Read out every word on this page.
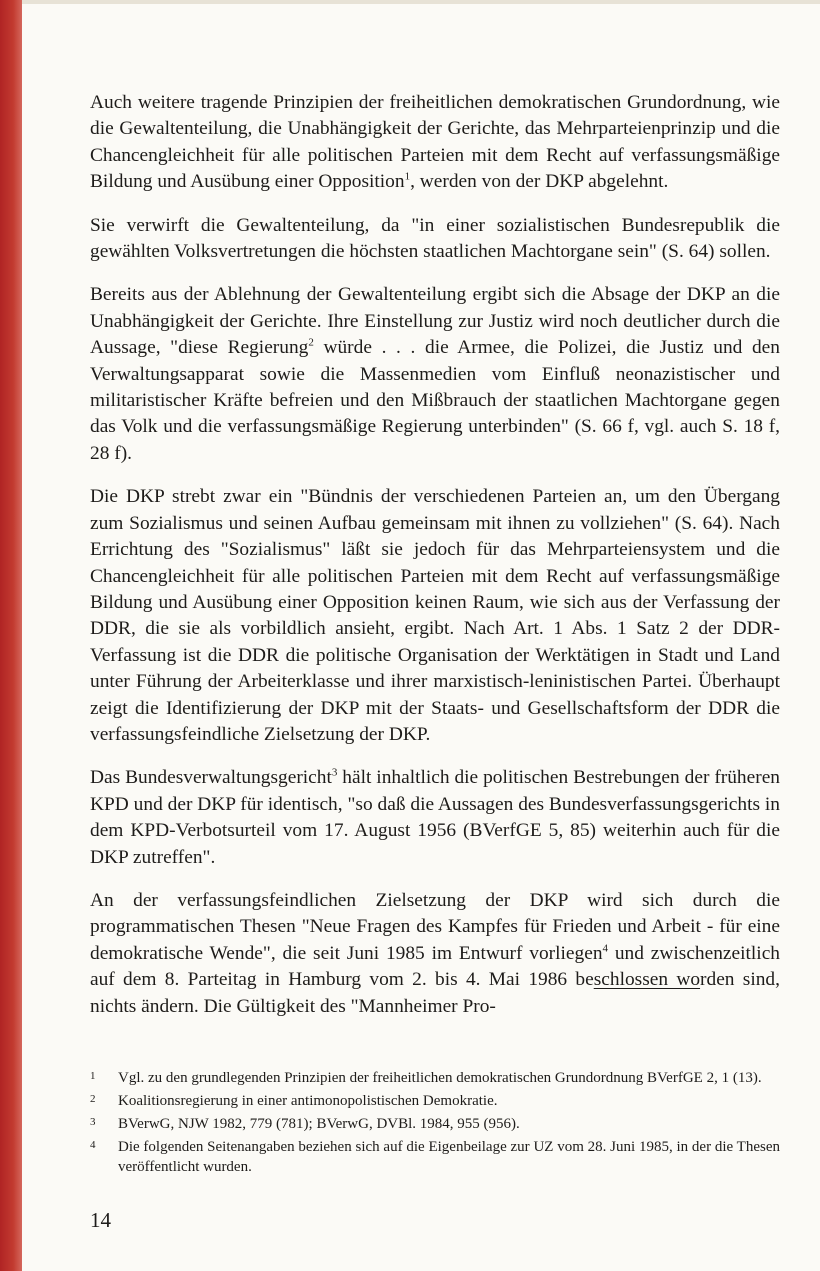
Auch weitere tragende Prinzipien der freiheitlichen demokratischen Grundordnung, wie die Gewaltenteilung, die Unabhängigkeit der Gerichte, das Mehrparteienprinzip und die Chancengleichheit für alle politischen Parteien mit dem Recht auf verfassungsmäßige Bildung und Ausübung einer Opposition$^1$, werden von der DKP abgelehnt.

Sie verwirft die Gewaltenteilung, da "in einer sozialistischen Bundesrepublik die gewählten Volksvertretungen die höchsten staatlichen Machtorgane sein" (S. 64) sollen.

Bereits aus der Ablehnung der Gewaltenteilung ergibt sich die Absage der DKP an die Unabhängigkeit der Gerichte. Ihre Einstellung zur Justiz wird noch deutlicher durch die Aussage, "diese Regierung$^2$ würde . . . die Armee, die Polizei, die Justiz und den Verwaltungsapparat sowie die Massenmedien vom Einfluß neonazistischer und militaristischer Kräfte befreien und den Mißbrauch der staatlichen Machtorgane gegen das Volk und die verfassungsmäßige Regierung unterbinden" (S. 66 f, vgl. auch S. 18 f, 28 f).

Die DKP strebt zwar ein "Bündnis der verschiedenen Parteien an, um den Übergang zum Sozialismus und seinen Aufbau gemeinsam mit ihnen zu vollziehen" (S. 64). Nach Errichtung des "Sozialismus" läßt sie jedoch für das Mehrparteiensystem und die Chancengleichheit für alle politischen Parteien mit dem Recht auf verfassungsmäßige Bildung und Ausübung einer Opposition keinen Raum, wie sich aus der Verfassung der DDR, die sie als vorbildlich ansieht, ergibt. Nach Art. 1 Abs. 1 Satz 2 der DDR-Verfassung ist die DDR die politische Organisation der Werktätigen in Stadt und Land unter Führung der Arbeiterklasse und ihrer marxistisch-leninistischen Partei. Überhaupt zeigt die Identifizierung der DKP mit der Staats- und Gesellschaftsform der DDR die verfassungsfeindliche Zielsetzung der DKP.

Das Bundesverwaltungsgericht$^3$ hält inhaltlich die politischen Bestrebungen der früheren KPD und der DKP für identisch, "so daß die Aussagen des Bundesverfassungsgerichts in dem KPD-Verbotsurteil vom 17. August 1956 (BVerfGE 5, 85) weiterhin auch für die DKP zutreffen".

An der verfassungsfeindlichen Zielsetzung der DKP wird sich durch die programmatischen Thesen "Neue Fragen des Kampfes für Frieden und Arbeit - für eine demokratische Wende", die seit Juni 1985 im Entwurf vorliegen$^4$ und zwischenzeitlich auf dem 8. Parteitag in Hamburg vom 2. bis 4. Mai 1986 beschlossen worden sind, nichts ändern. Die Gültigkeit des "Mannheimer Pro-

1 Vgl. zu den grundlegenden Prinzipien der freiheitlichen demokratischen Grundordnung BVerfGE 2, 1 (13).
2 Koalitionsregierung in einer antimonopolistischen Demokratie.
3 BVerwG, NJW 1982, 779 (781); BVerwG, DVBl. 1984, 955 (956).
4 Die folgenden Seitenangaben beziehen sich auf die Eigenbeilage zur UZ vom 28. Juni 1985, in der die Thesen veröffentlicht wurden.
14
